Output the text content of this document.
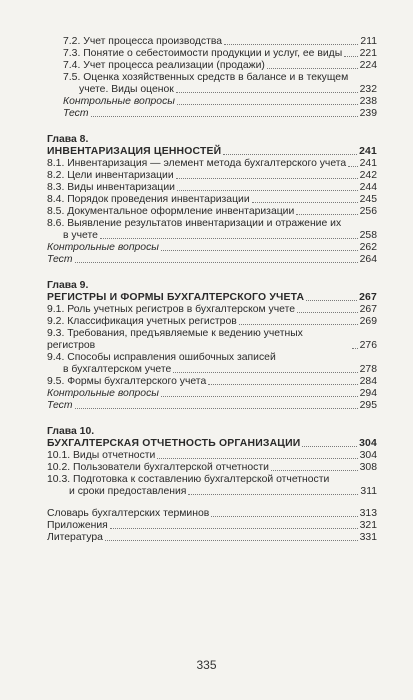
7.2. Учет процесса производства	211
7.3. Понятие о себестоимости продукции и услуг, ее виды 221
7.4. Учет процесса реализации (продажи)	224
7.5. Оценка хозяйственных средств в балансе и в текущем
учете. Виды оценок	232
Контрольные вопросы	238
Тест	239
Глава 8.
ИНВЕНТАРИЗАЦИЯ ЦЕННОСТЕЙ	241
8.1. Инвентаризация — элемент метода бухгалтерского учета 241
8.2. Цели инвентаризации	242
8.3. Виды инвентаризации	244
8.4. Порядок проведения инвентаризации	245
8.5. Документальное оформление инвентаризации	256
8.6. Выявление результатов инвентаризации и отражение их
в учете	258
Контрольные вопросы	262
Тест	264
Глава 9.
РЕГИСТРЫ И ФОРМЫ БУХГАЛТЕРСКОГО УЧЕТА	267
9.1. Роль учетных регистров в бухгалтерском учете	267
9.2. Классификация учетных регистров	269
9.3. Требования, предъявляемые к ведению учетных регистров	276
9.4. Способы исправления ошибочных записей
в бухгалтерском учете	278
9.5. Формы бухгалтерского учета	284
Контрольные вопросы	294
Тест	295
Глава 10.
БУХГАЛТЕРСКАЯ ОТЧЕТНОСТЬ ОРГАНИЗАЦИИ	304
10.1. Виды отчетности	304
10.2. Пользователи бухгалтерской отчетности	308
10.3. Подготовка к составлению бухгалтерской отчетности
и сроки предоставления	311
Словарь бухгалтерских терминов	313
Приложения	321
Литература	331
335
